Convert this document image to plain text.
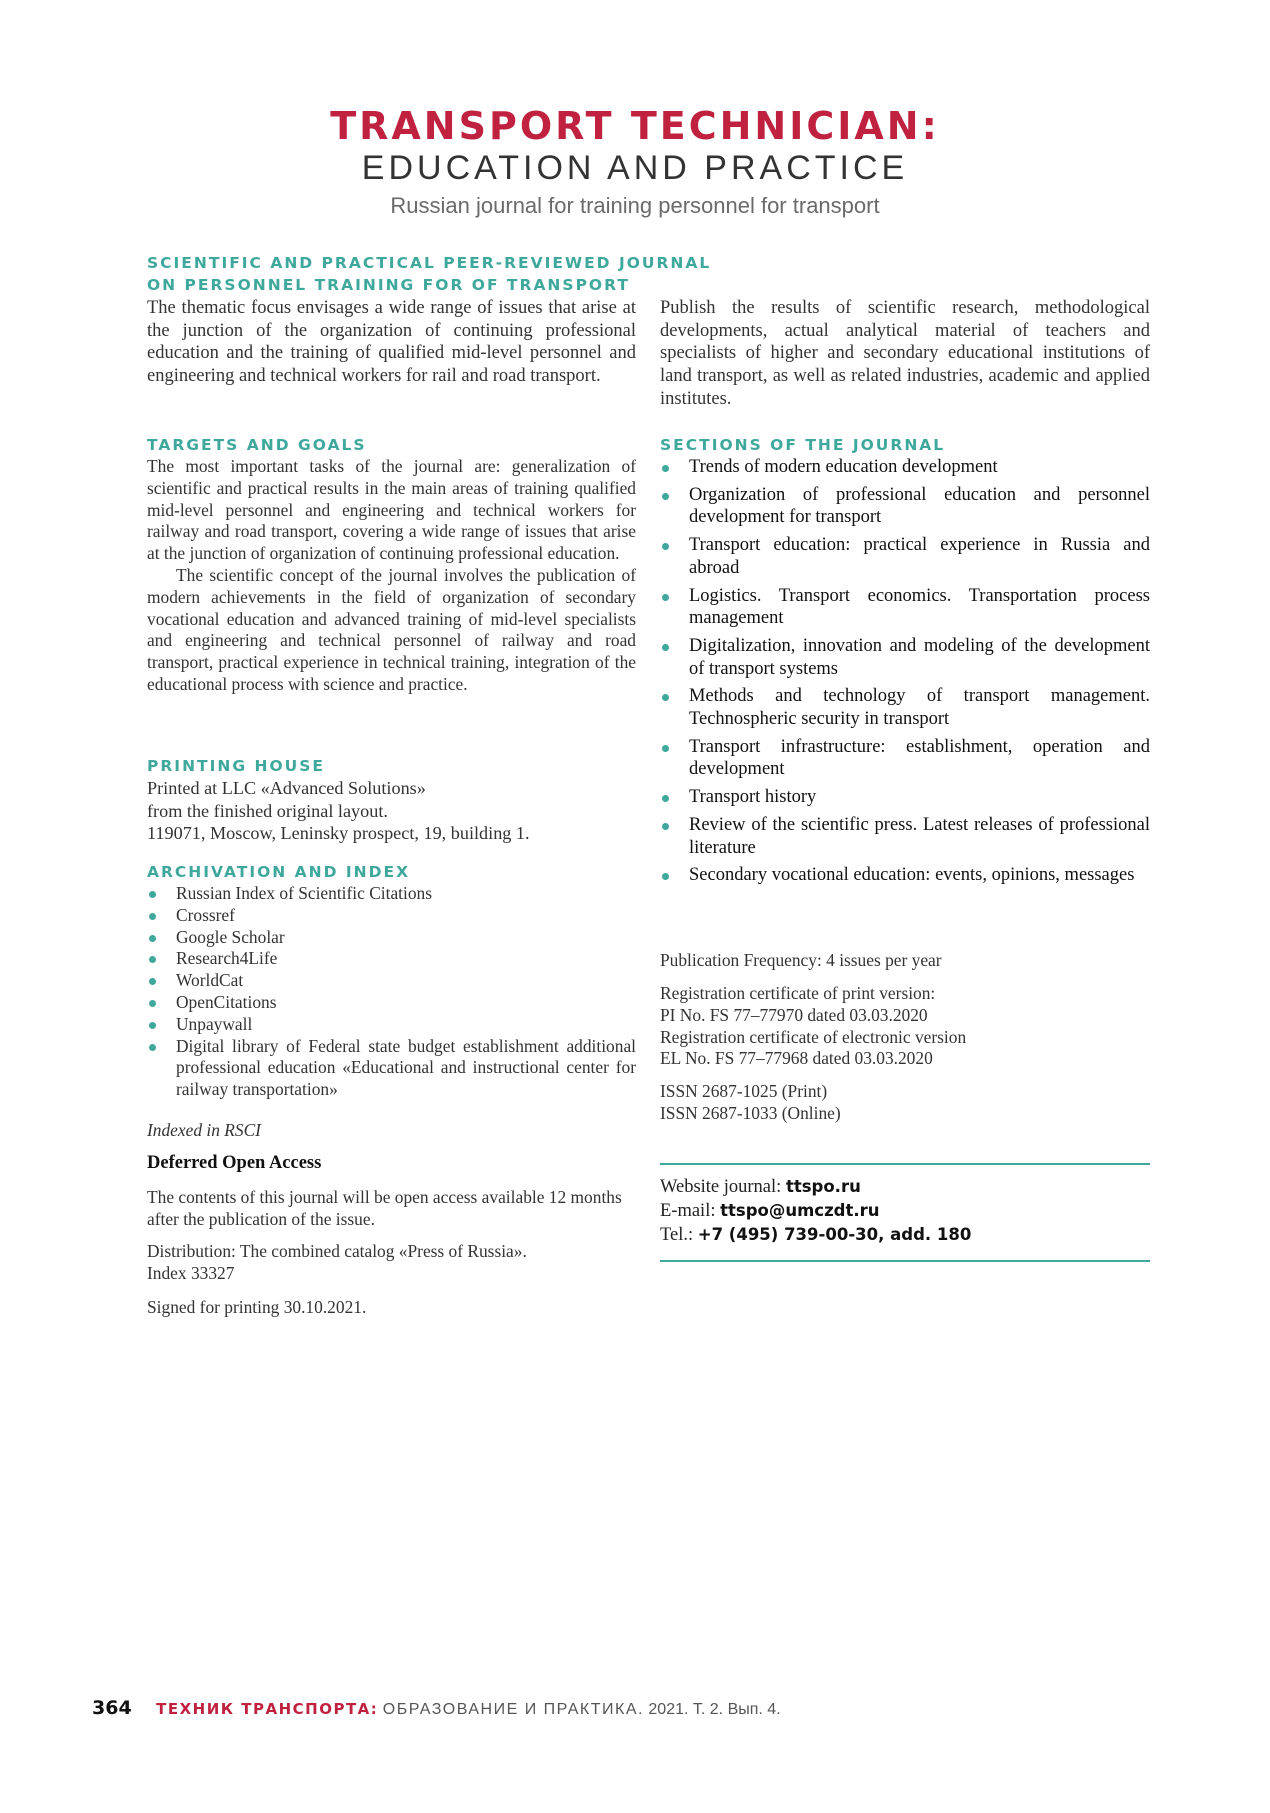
TRANSPORT TECHNICIAN:
EDUCATION AND PRACTICE
Russian journal for training personnel for transport
SCIENTIFIC AND PRACTICAL PEER-REVIEWED JOURNAL
ON PERSONNEL TRAINING FOR OF TRANSPORT
The thematic focus envisages a wide range of issues that arise at the junction of the organization of continuing professional education and the training of qualified mid-level personnel and engineering and technical workers for rail and road transport.
Publish the results of scientific research, methodological developments, actual analytical material of teachers and specialists of higher and secondary educational institutions of land transport, as well as related industries, academic and applied institutes.
TARGETS AND GOALS
The most important tasks of the journal are: generalization of scientific and practical results in the main areas of training qualified mid-level personnel and engineering and technical workers for railway and road transport, covering a wide range of issues that arise at the junction of organization of continuing professional education.
The scientific concept of the journal involves the publication of modern achievements in the field of organization of secondary vocational education and advanced training of mid-level specialists and engineering and technical personnel of railway and road transport, practical experience in technical training, integration of the educational process with science and practice.
PRINTING HOUSE
Printed at LLC «Advanced Solutions»
from the finished original layout.
119071, Moscow, Leninsky prospect, 19, building 1.
ARCHIVATION AND INDEX
Russian Index of Scientific Citations
Crossref
Google Scholar
Research4Life
WorldCat
OpenCitations
Unpaywall
Digital library of Federal state budget establishment additional professional education «Educational and instructional center for railway transportation»
Indexed in RSCI
Deferred Open Access
The contents of this journal will be open access available 12 months after the publication of the issue.
Distribution: The combined catalog «Press of Russia».
Index 33327
Signed for printing 30.10.2021.
SECTIONS OF THE JOURNAL
Trends of modern education development
Organization of professional education and personnel development for transport
Transport education: practical experience in Russia and abroad
Logistics. Transport economics. Transportation process management
Digitalization, innovation and modeling of the development of transport systems
Methods and technology of transport management. Technospheric security in transport
Transport infrastructure: establishment, operation and development
Transport history
Review of the scientific press. Latest releases of professional literature
Secondary vocational education: events, opinions, messages
Publication Frequency: 4 issues per year
Registration certificate of print version:
PI No. FS 77–77970 dated 03.03.2020
Registration certificate of electronic version
EL No. FS 77–77968 dated 03.03.2020
ISSN 2687-1025 (Print)
ISSN 2687-1033 (Online)
Website journal: ttspo.ru
E-mail: ttspo@umczdt.ru
Tel.: +7 (495) 739-00-30, add. 180
364 ТЕХНИК ТРАНСПОРТА: ОБРАЗОВАНИЕ И ПРАКТИКА. 2021. Т. 2. Вып. 4.
